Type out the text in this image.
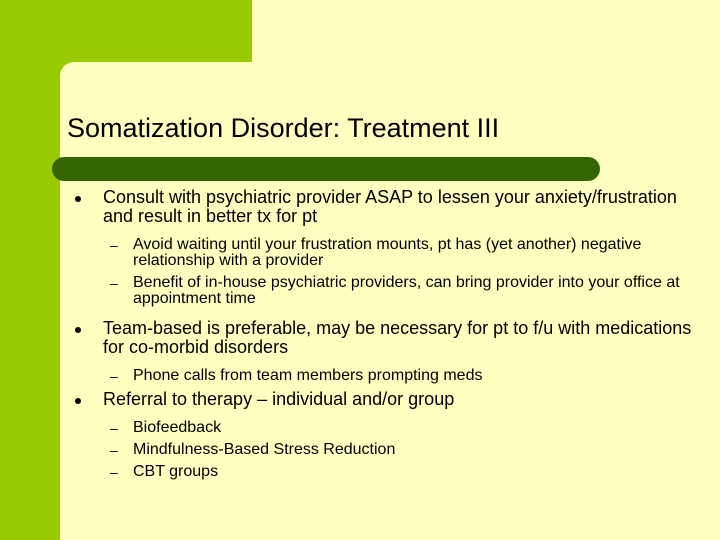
Somatization Disorder: Treatment III
Consult with psychiatric provider ASAP to lessen your anxiety/frustration and result in better tx for pt
– Avoid waiting until your frustration mounts, pt has (yet another) negative relationship with a provider
– Benefit of in-house psychiatric providers, can bring provider into your office at appointment time
Team-based is preferable, may be necessary for pt to f/u with medications for co-morbid disorders
– Phone calls from team members prompting meds
Referral to therapy – individual and/or group
– Biofeedback
– Mindfulness-Based Stress Reduction
– CBT groups
